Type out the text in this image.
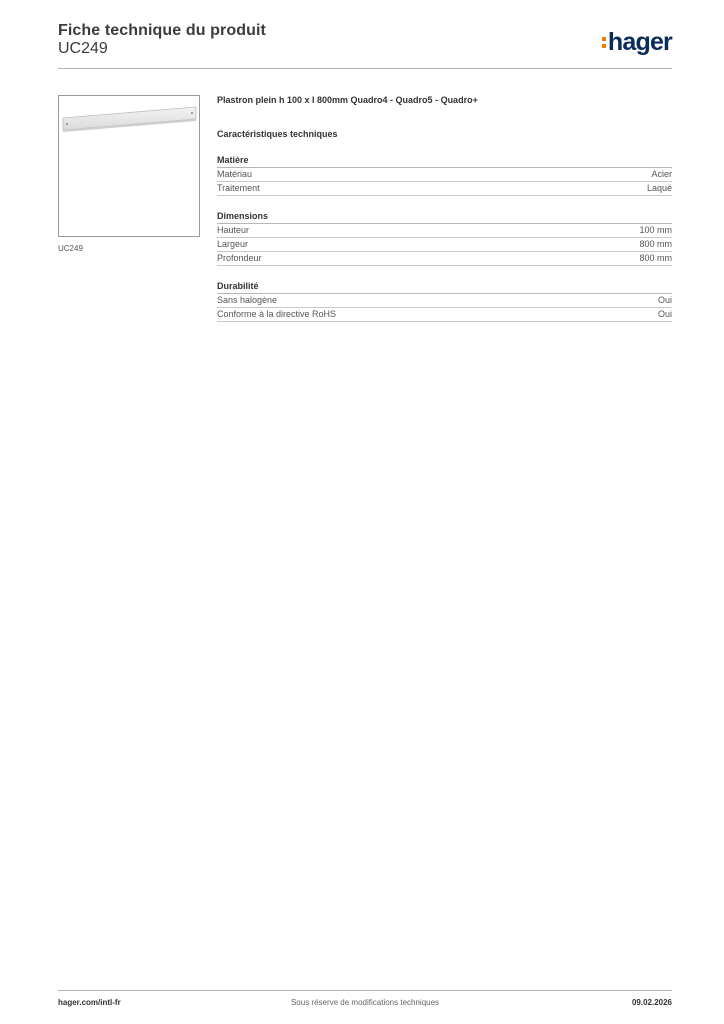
Fiche technique du produit
UC249	hager
UC249
Plastron plein h 100 x l 800mm Quadro4 - Quadro5 - Quadro+
Caractéristiques techniques
Matière
Matériau	Acier
Traitement	Laqué
Dimensions
Hauteur	100 mm
Largeur	800 mm
Profondeur	800 mm
Durabilité
Sans halogène	Oui
Conforme à la directive RoHS	Oui
hager.com/intl-fr	Sous réserve de modifications techniques	09.02.2026
